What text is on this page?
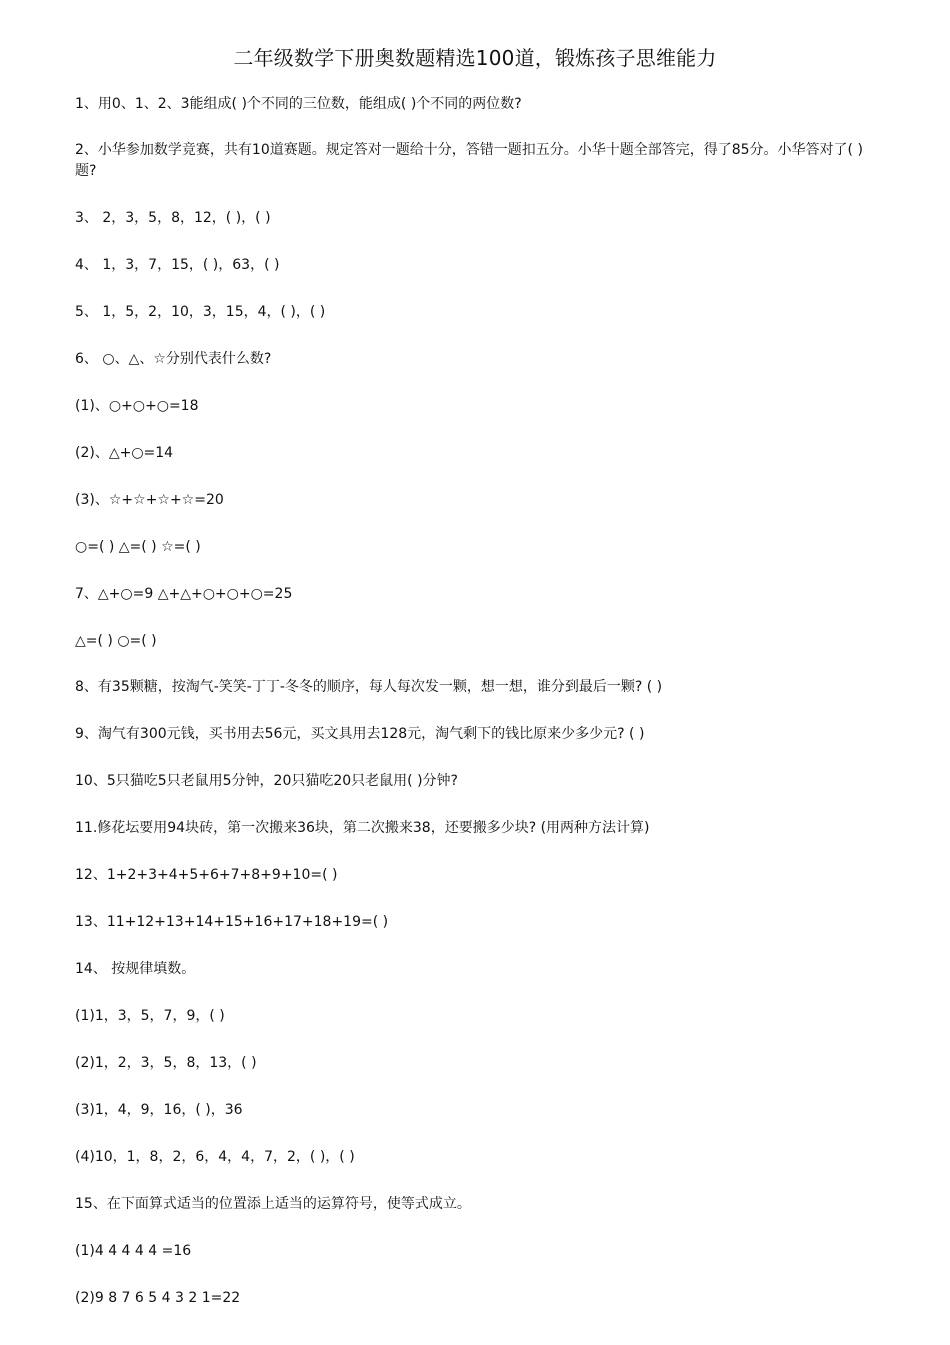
二年级数学下册奥数题精选100道，锻炼孩子思维能力
1、用0、1、2、3能组成( )个不同的三位数，能组成( )个不同的两位数?
2、小华参加数学竞赛，共有10道赛题。规定答对一题给十分，答错一题扣五分。小华十题全部答完，得了85分。小华答对了( )题?
3、 2，3，5，8，12，( )，( )
4、 1，3，7，15，( )，63，( )
5、 1，5，2，10，3，15，4，( )，( )
6、 ○、△、☆分别代表什么数?
(1)、○+○+○=18
(2)、△+○=14
(3)、☆+☆+☆+☆=20
○=( ) △=( ) ☆=( )
7、△+○=9 △+△+○+○+○=25
△=( ) ○=( )
8、有35颗糖，按淘气-笑笑-丁丁-冬冬的顺序，每人每次发一颗，想一想，谁分到最后一颗? ( )
9、淘气有300元钱，买书用去56元，买文具用去128元，淘气剩下的钱比原来少多少元? ( )
10、5只猫吃5只老鼠用5分钟，20只猫吃20只老鼠用( )分钟?
11.修花坛要用94块砖，第一次搬来36块，第二次搬来38，还要搬多少块? (用两种方法计算)
12、1+2+3+4+5+6+7+8+9+10=( )
13、11+12+13+14+15+16+17+18+19=( )
14、 按规律填数。
(1)1，3，5，7，9，( )
(2)1，2，3，5，8，13，( )
(3)1，4，9，16，( )，36
(4)10，1，8，2，6，4，4，7，2，( )，( )
15、在下面算式适当的位置添上适当的运算符号，使等式成立。
(1)4 4 4 4 4 =16
(2)9 8 7 6 5 4 3 2 1=22
